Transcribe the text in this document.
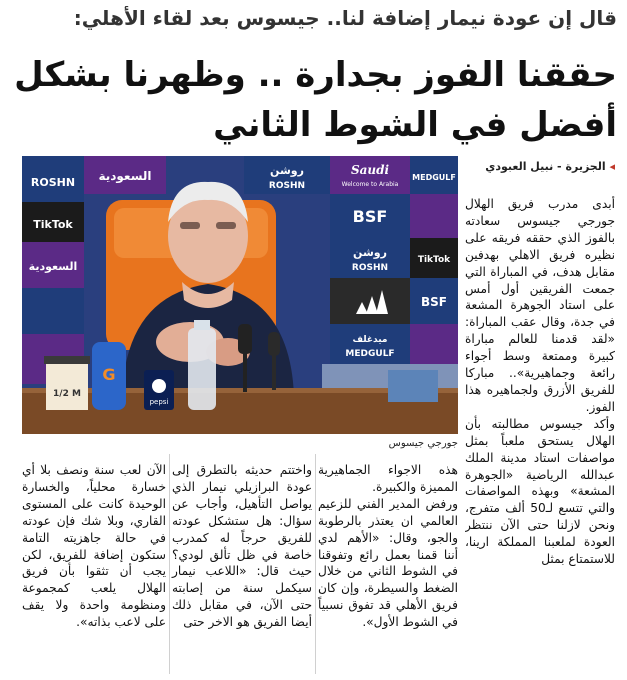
قال إن عودة نيمار إضافة لنا.. جيسوس بعد لقاء الأهلي:
حققنا الفوز بجدارة .. وظهرنا بشكل
أفضل في الشوط الثاني
ROSHN
TikTok
السعودية
السعودية	روشن
ROSHN
Saudi
Welcome to Arabia
MEDGULF
BSF
روشن
ROSHN
TikTok
BSF
ميدغلف
MEDGULF
1/2 M
G
pepsi
جورجي جيسوس
◂ الجزيرة - نبيل العبودي

أبدى مدرب فريق الهلال جورجي جيسوس سعادته بالفوز الذي حققه فريقه على نظيره فريق الاهلي بهدفين مقابل هدف، في المباراة التي جمعت الفريقين أول أمس على استاد الجوهرة المشعة في جدة، وقال عقب المباراة: «لقد قدمنا للعالم مباراة كبيرة وممتعة وسط أجواء رائعة وجماهيرية».. مباركا للفريق الأزرق ولجماهيره هذا الفوز.

وأكد جيسوس مطالبته بأن الهلال يستحق ملعباً بمثل مواصفات استاد مدينة الملك عبدالله الرياضية «الجوهرة المشعة» وبهذه المواصفات والتي تتسع لـ50 ألف متفرج، ونحن لازلنا حتى الآن ننتظر العودة لملعبنا المملكة ارينا، للاستمتاع بمثل

هذه الاجواء الجماهيرية المميزة والكبيرة.

ورفض المدير الفني للزعيم العالمي ان يعتذر بالرطوبة والجو، وقال: «الأهم لدي أننا قمنا بعمل رائع وتفوقنا في الشوط الثاني من خلال الضغط والسيطرة، وإن كان فريق الأهلي قد تفوق نسبياً في الشوط الأول».

واختتم حديثه بالتطرق إلى عودة البرازيلي نيمار الذي يواصل التأهيل، وأجاب عن سؤال: هل ستشكل عودته للفريق حرجاً له كمدرب خاصة في ظل تألق لودي؟ حيث قال: «اللاعب نيمار سيكمل سنة من إصابته حتى الآن، في مقابل ذلك أيضا الفريق هو الاخر حتى

الآن لعب سنة ونصف بلا أي خسارة محلياً، والخسارة الوحيدة كانت على المستوى القاري، وبلا شك فإن عودته في حالة جاهزيته التامة ستكون إضافة للفريق، لكن يجب أن تثقوا بأن فريق الهلال يلعب كمجموعة ومنظومة واحدة ولا يقف على لاعب بذاته».
